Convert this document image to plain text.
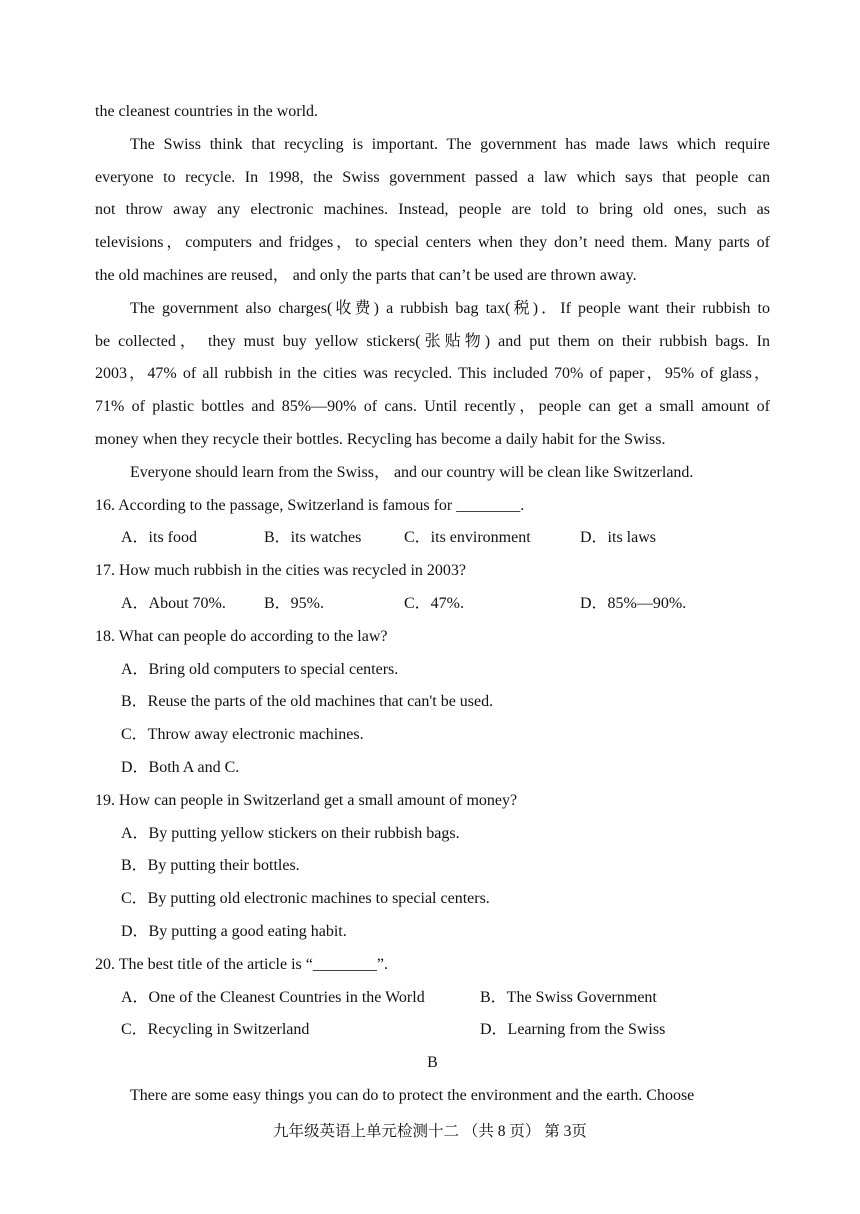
the cleanest countries in the world.
The Swiss think that recycling is important. The government has made laws which require
everyone to recycle. In 1998, the Swiss government passed a law which says that people can
not throw away any electronic machines. Instead, people are told to bring old ones, such as
televisions，computers and fridges，to special centers when they don’t need them. Many parts of
the old machines are reused， and only the parts that can’t be used are thrown away.
The government also charges(收费) a rubbish bag tax(税)．If people want their rubbish to
be collected， they must buy yellow stickers(张贴物) and put them on their rubbish bags. In
2003，47% of all rubbish in the cities was recycled. This included 70% of paper，95% of glass，
71% of plastic bottles and 85%—90% of cans. Until recently，people can get a small amount of
money when they recycle their bottles. Recycling has become a daily habit for the Swiss.
Everyone should learn from the Swiss， and our country will be clean like Switzerland.
16. According to the passage, Switzerland is famous for ________.
A．its food	B．its watches	C．its environment	D．its laws
17. How much rubbish in the cities was recycled in 2003?
A．About 70%.	B．95%.	C．47%.	D．85%—90%.
18. What can people do according to the law?
A．Bring old computers to special centers.
B．Reuse the parts of the old machines that can't be used.
C．Throw away electronic machines.
D．Both A and C.
19. How can people in Switzerland get a small amount of money?
A．By putting yellow stickers on their rubbish bags.
B．By putting their bottles.
C．By putting old electronic machines to special centers.
D．By putting a good eating habit.
20. The best title of the article is “________”.
A．One of the Cleanest Countries in the World	B．The Swiss Government
C．Recycling in Switzerland	D．Learning from the Swiss
B
There are some easy things you can do to protect the environment and the earth. Choose
九年级英语上单元检测十二 （共 8 页） 第 3页
